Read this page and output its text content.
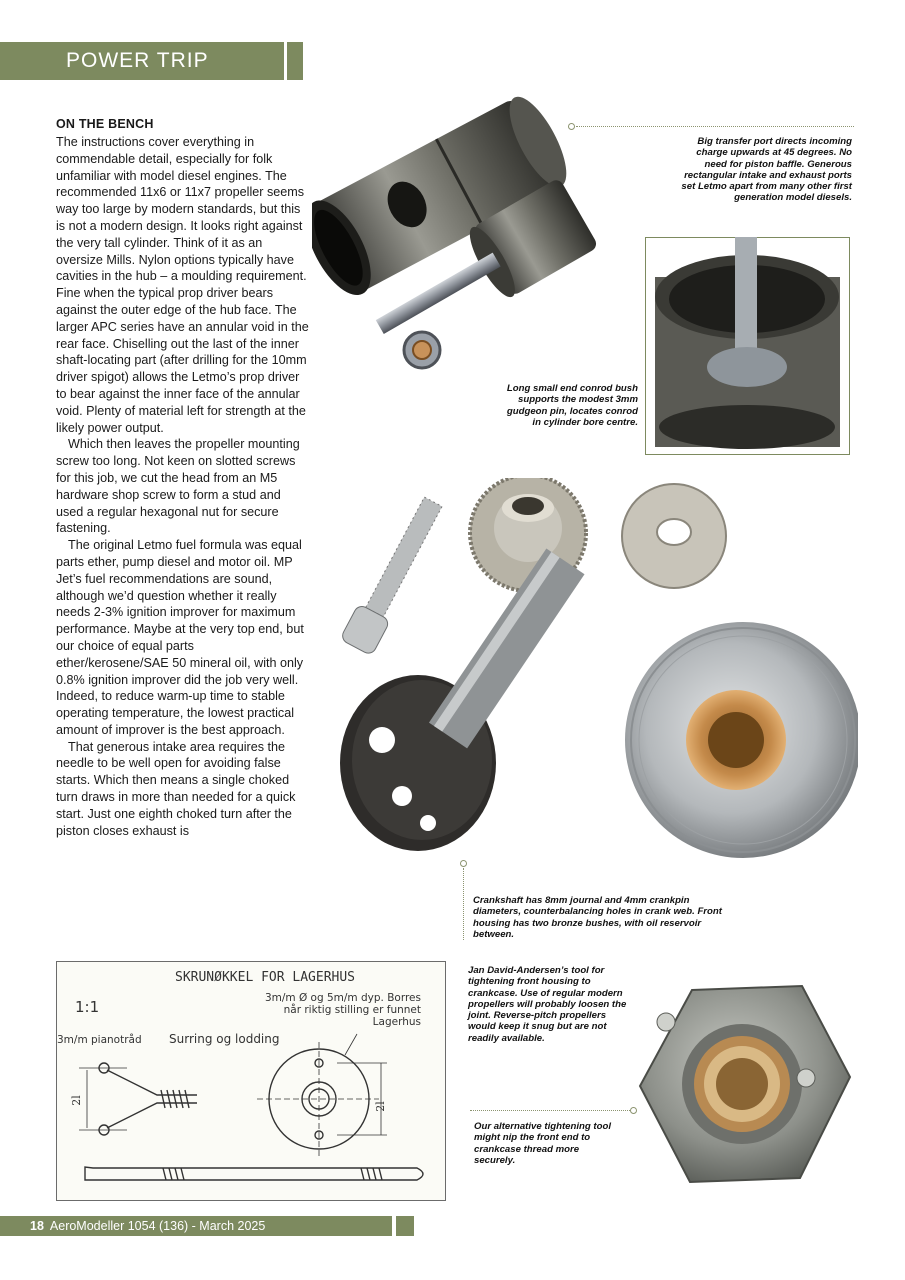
POWER TRIP
ON THE BENCH

The instructions cover everything in commendable detail, especially for folk unfamiliar with model diesel engines. The recommended 11x6 or 11x7 propeller seems way too large by modern standards, but this is not a modern design. It looks right against the very tall cylinder. Think of it as an oversize Mills. Nylon options typically have cavities in the hub – a moulding requirement. Fine when the typical prop driver bears against the outer edge of the hub face. The larger APC series have an annular void in the rear face. Chiselling out the last of the inner shaft-locating part (after drilling for the 10mm driver spigot) allows the Letmo’s prop driver to bear against the inner face of the annular void. Plenty of material left for strength at the likely power output.

Which then leaves the propeller mounting screw too long. Not keen on slotted screws for this job, we cut the head from an M5 hardware shop screw to form a stud and used a regular hexagonal nut for secure fastening.

The original Letmo fuel formula was equal parts ether, pump diesel and motor oil. MP Jet’s fuel recommendations are sound, although we’d question whether it really needs 2-3% ignition improver for maximum performance. Maybe at the very top end, but our choice of equal parts ether/kerosene/SAE 50 mineral oil, with only 0.8% ignition improver did the job very well. Indeed, to reduce warm-up time to stable operating temperature, the lowest practical amount of improver is the best approach.

That generous intake area requires the needle to be well open for avoiding false starts. Which then means a single choked turn draws in more than needed for a quick start. Just one eighth choked turn after the piston closes exhaust is

Big transfer port directs incoming charge upwards at 45 degrees. No need for piston baffle. Generous rectangular intake and exhaust ports set Letmo apart from many other first generation model diesels.
Long small end conrod bush supports the modest 3mm gudgeon pin, locates conrod in cylinder bore centre.
Crankshaft has 8mm journal and 4mm crankpin diameters, counterbalancing holes in crank web. Front housing has two bronze bushes, with oil reservoir between.
SKRUNØKKEL FOR LAGERHUS
1:1	3m/m Ø og 5m/m dyp. Borres
når riktig stilling er funnet
Lagerhus
3m/m pianotråd Surring og lodding
2l
2l
Jan David-Andersen’s tool for tightening front housing to crankcase. Use of regular modern propellers will probably loosen the joint. Reverse-pitch propellers would keep it snug but are not readily available.
Our alternative tightening tool might nip the front end to crankcase thread more securely.
18 AeroModeller 1054 (136) - March 2025
